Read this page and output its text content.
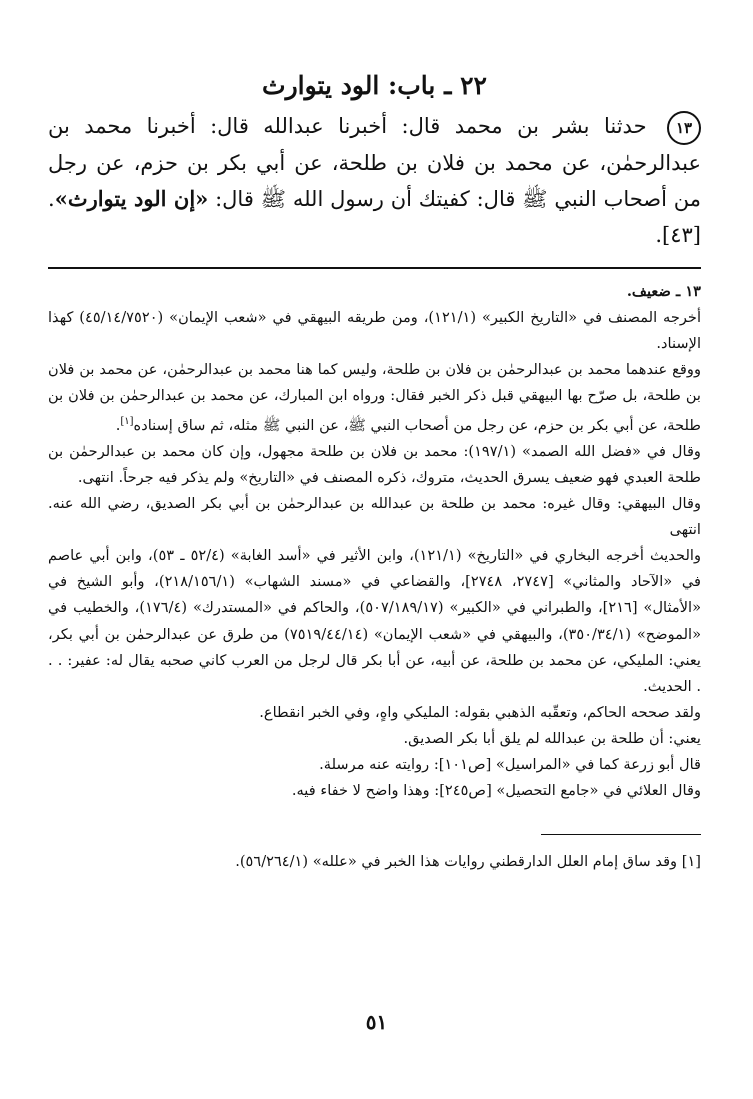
٢٢ ـ باب: الود يتوارث

١٣ حدثنا بشر بن محمد قال: أخبرنا عبدالله قال: أخبرنا محمد بن عبدالرحمٰن، عن محمد بن فلان بن طلحة، عن أبي بكر بن حزم، عن رجل من أصحاب النبي ﷺ قال: كفيتك أن رسول الله ﷺ قال: «إن الود يتوارث». [٤٣].

١٣ ـ ضعيف.

أخرجه المصنف في «التاريخ الكبير» (١٢١/١)، ومن طريقه البيهقي في «شعب الإيمان» (٤٥/١٤/٧٥٢٠) كهذا الإسناد.

ووقع عندهما محمد بن عبدالرحمٰن بن فلان بن طلحة، وليس كما هنا محمد بن عبدالرحمٰن، عن محمد بن فلان بن طلحة، بل صرّح بها البيهقي قبل ذكر الخبر فقال: ورواه ابن المبارك، عن محمد بن عبدالرحمٰن بن فلان بن طلحة، عن أبي بكر بن حزم، عن رجل من أصحاب النبي ﷺ، عن النبي ﷺ مثله، ثم ساق إسناده[١].

وقال في «فضل الله الصمد» (١٩٧/١): محمد بن فلان بن طلحة مجهول، وإن كان محمد بن عبدالرحمٰن بن طلحة العبدي فهو ضعيف يسرق الحديث، متروك، ذكره المصنف في «التاريخ» ولم يذكر فيه جرحاً. انتهى.

وقال البيهقي: وقال غيره: محمد بن طلحة بن عبدالله بن عبدالرحمٰن بن أبي بكر الصديق، رضي الله عنه. انتهى

والحديث أخرجه البخاري في «التاريخ» (١٢١/١)، وابن الأثير في «أسد الغابة» (٥٢/٤ ـ ٥٣)، وابن أبي عاصم في «الآحاد والمثاني» [٢٧٤٧، ٢٧٤٨]، والقضاعي في «مسند الشهاب» (٢١٨/١٥٦/١)، وأبو الشيخ في «الأمثال» [٢١٦]، والطبراني في «الكبير» (٥٠٧/١٨٩/١٧)، والحاكم في «المستدرك» (١٧٦/٤)، والخطيب في «الموضح» (٣٥٠/٣٤/١)، والبيهقي في «شعب الإيمان» (٧٥١٩/٤٤/١٤) من طرق عن عبدالرحمٰن بن أبي بكر، يعني: المليكي، عن محمد بن طلحة، عن أبيه، عن أبا بكر قال لرجل من العرب كاني صحبه يقال له: عفير: . . . الحديث.

ولقد صححه الحاكم، وتعقّبه الذهبي بقوله: المليكي واهٍ، وفي الخبر انقطاع.

يعني: أن طلحة بن عبدالله لم يلق أبا بكر الصديق.

قال أبو زرعة كما في «المراسيل» [ص١٠١]: روايته عنه مرسلة.

وقال العلائي في «جامع التحصيل» [ص٢٤٥]: وهذا واضح لا خفاء فيه.

[١] وقد ساق إمام العلل الدارقطني روايات هذا الخبر في «علله» (٥٦/٢٦٤/١).

٥١
